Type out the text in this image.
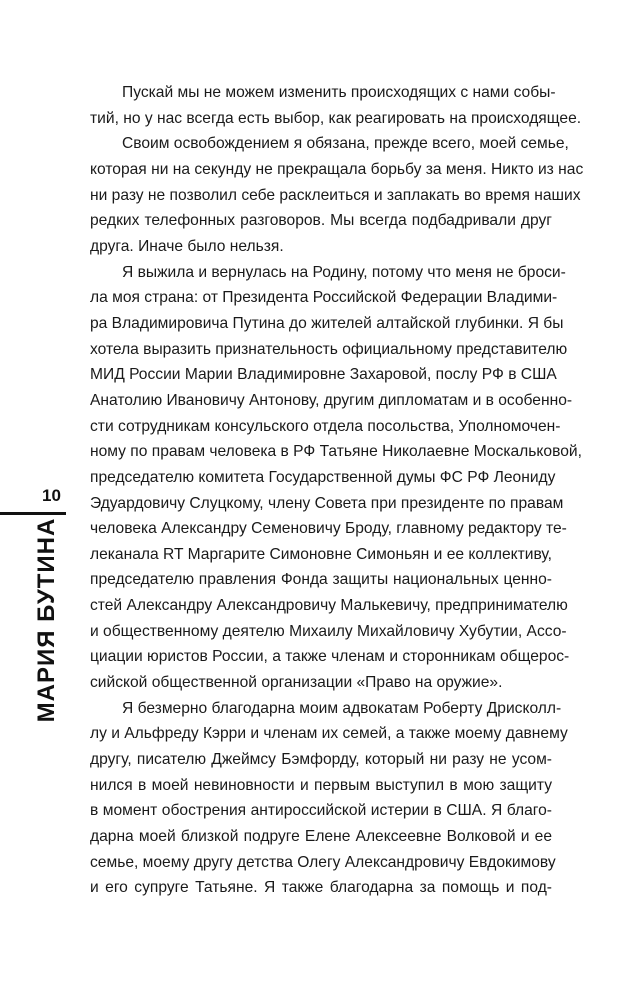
Пускай мы не можем изменить происходящих с нами собы-
тий, но у нас всегда есть выбор, как реагировать на происходящее.
Своим освобождением я обязана, прежде всего, моей семье,
которая ни на секунду не прекращала борьбу за меня. Никто из нас
ни разу не позволил себе расклеиться и заплакать во время наших
редких телефонных разговоров. Мы всегда подбадривали друг
друга. Иначе было нельзя.
Я выжила и вернулась на Родину, потому что меня не броси-
ла моя страна: от Президента Российской Федерации Владими-
ра Владимировича Путина до жителей алтайской глубинки. Я бы
хотела выразить признательность официальному представителю
МИД России Марии Владимировне Захаровой, послу РФ в США
Анатолию Ивановичу Антонову, другим дипломатам и в особенно-
сти сотрудникам консульского отдела посольства, Уполномочен-
ному по правам человека в РФ Татьяне Николаевне Москальковой,
председателю комитета Государственной думы ФС РФ Леониду
Эдуардовичу Слуцкому, члену Совета при президенте по правам
человека Александру Семеновичу Броду, главному редактору те-
леканала RT Маргарите Симоновне Симоньян и ее коллективу,
председателю правления Фонда защиты национальных ценно-
стей Александру Александровичу Малькевичу, предпринимателю
и общественному деятелю Михаилу Михайловичу Хубутии, Ассо-
циации юристов России, а также членам и сторонникам общерос-
сийской общественной организации «Право на оружие».
Я безмерно благодарна моим адвокатам Роберту Дрисколл-
лу и Альфреду Кэрри и членам их семей, а также моему давнему
другу, писателю Джеймсу Бэмфорду, который ни разу не усом-
нился в моей невиновности и первым выступил в мою защиту
в момент обострения антироссийской истерии в США. Я благо-
дарна моей близкой подруге Елене Алексеевне Волковой и ее
семье, моему другу детства Олегу Александровичу Евдокимову
и его супруге Татьяне. Я также благодарна за помощь и под-
10
МАРИЯ БУТИНА
